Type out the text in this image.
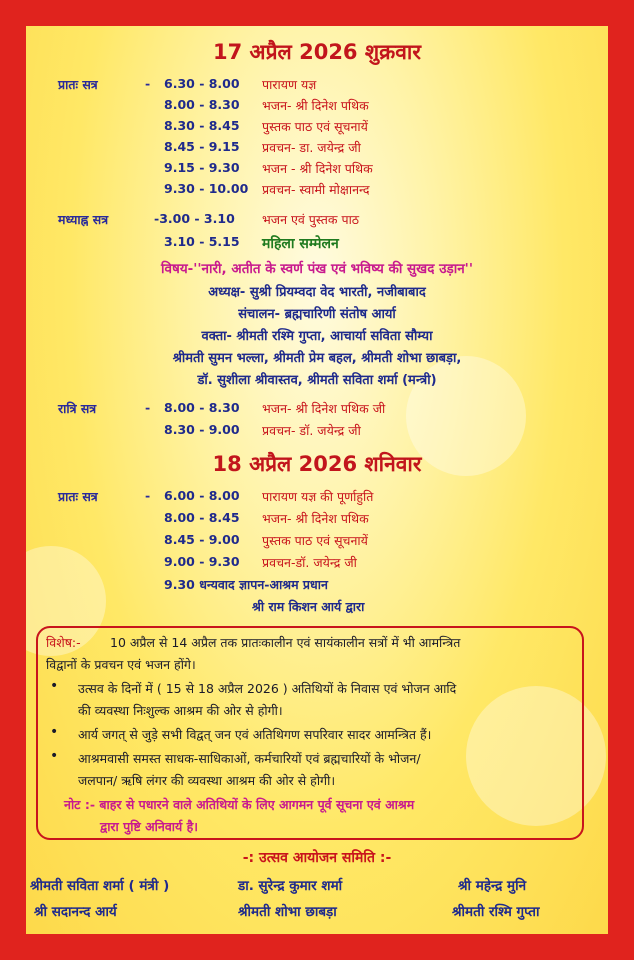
17 अप्रैल 2026 शुक्रवार
प्रातः सत्र	- 6.30 - 8.00 पारायण यज्ञ
8.00 - 8.30 भजन- श्री दिनेश पथिक
8.30 - 8.45 पुस्तक पाठ एवं सूचनायें
8.45 - 9.15 प्रवचन- डा. जयेन्द्र जी
9.15 - 9.30 भजन - श्री दिनेश पथिक
9.30 - 10.00 प्रवचन- स्वामी मोक्षानन्द
मध्याह्न सत्र	-3.00 - 3.10 भजन एवं पुस्तक पाठ
3.10 - 5.15 महिला सम्मेलन
विषय-''नारी, अतीत के स्वर्ण पंख एवं भविष्य की सुखद उड़ान''
अध्यक्ष- सुश्री प्रियम्वदा वेद भारती, नजीबाबाद
संचालन- ब्रह्मचारिणी संतोष आर्या
वक्ता- श्रीमती रश्मि गुप्ता, आचार्या सविता सौम्या
श्रीमती सुमन भल्ला, श्रीमती प्रेम बहल, श्रीमती शोभा छाबड़ा,
डॉ. सुशीला श्रीवास्तव, श्रीमती सविता शर्मा (मन्त्री)
रात्रि सत्र	- 8.00 - 8.30 भजन- श्री दिनेश पथिक जी
8.30 - 9.00 प्रवचन- डॉ. जयेन्द्र जी
18 अप्रैल 2026 शनिवार
प्रातः सत्र	- 6.00 - 8.00 पारायण यज्ञ की पूर्णाहुति
8.00 - 8.45 भजन- श्री दिनेश पथिक
8.45 - 9.00 पुस्तक पाठ एवं सूचनायें
9.00 - 9.30 प्रवचन-डॉ. जयेन्द्र जी
9.30 धन्यवाद ज्ञापन-आश्रम प्रधान
श्री राम किशन आर्य द्वारा
विशेष:- 10 अप्रैल से 14 अप्रैल तक प्रातःकालीन एवं सायंकालीन सत्रों में भी आमन्त्रित
विद्वानों के प्रवचन एवं भजन होंगे।
• उत्सव के दिनों में ( 15 से 18 अप्रैल 2026 ) अतिथियों के निवास एवं भोजन आदि
की व्यवस्था निःशुल्क आश्रम की ओर से होगी।
• आर्य जगत् से जुड़े सभी विद्वत् जन एवं अतिथिगण सपरिवार सादर आमन्त्रित हैं।
• आश्रमवासी समस्त साधक-साधिकाओं, कर्मचारियों एवं ब्रह्मचारियों के भोजन/
जलपान/ ऋषि लंगर की व्यवस्था आश्रम की ओर से होगी।
नोट :- बाहर से पधारने वाले अतिथियों के लिए आगमन पूर्व सूचना एवं आश्रम
द्वारा पुष्टि अनिवार्य है।
-: उत्सव आयोजन समिति :-
श्रीमती सविता शर्मा ( मंत्री )	डा. सुरेन्द्र कुमार शर्मा	श्री महेन्द्र मुनि
श्री सदानन्द आर्य	श्रीमती शोभा छाबड़ा	श्रीमती रश्मि गुप्ता
